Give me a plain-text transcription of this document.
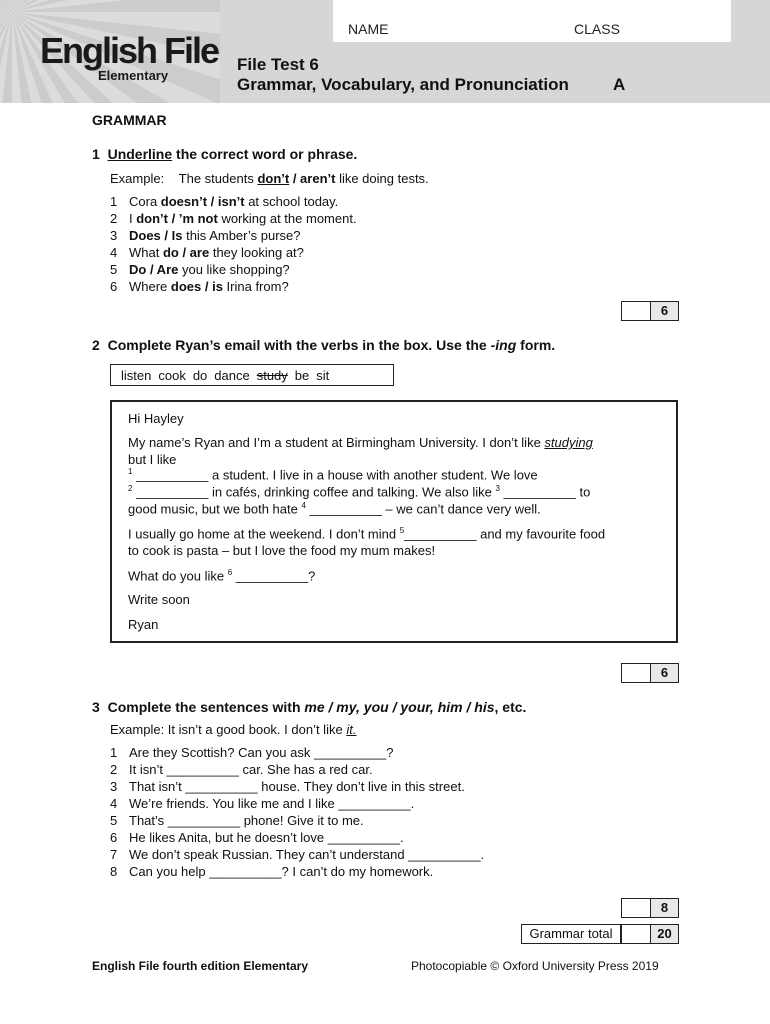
English File
Elementary
NAME	CLASS
File Test 6
Grammar, Vocabulary, and Pronunciation	A
GRAMMAR
1 Underline the correct word or phrase.
Example: The students don’t / aren’t like doing tests.
1 Cora doesn’t / isn’t at school today.
2 I don’t / ’m not working at the moment.
3 Does / Is this Amber’s purse?
4 What do / are they looking at?
5 Do / Are you like shopping?
6 Where does / is Irina from?
6
2 Complete Ryan’s email with the verbs in the box. Use the -ing form.
listen cook do dance study be sit
Hi Hayley
My name’s Ryan and I’m a student at Birmingham University. I don’t like studying
but I like
$^1$ __________ a student. I live in a house with another student. We love
$^2$ __________ in cafés, drinking coffee and talking. We also like $^3$ __________ to
good music, but we both hate $^4$ __________ – we can’t dance very well.
I usually go home at the weekend. I don’t mind $^5$__________ and my favourite food
to cook is pasta – but I love the food my mum makes!
What do you like $^6$ __________?
Write soon
Ryan
6
3 Complete the sentences with me / my, you / your, him / his, etc.
Example: It isn’t a good book. I don’t like it.
1 Are they Scottish? Can you ask __________?
2 It isn’t __________ car. She has a red car.
3 That isn’t __________ house. They don’t live in this street.
4 We’re friends. You like me and I like __________.
5 That’s __________ phone! Give it to me.
6 He likes Anita, but he doesn’t love __________.
7 We don’t speak Russian. They can’t understand __________.
8 Can you help __________? I can’t do my homework.
8
Grammar total	20
English File fourth edition Elementary	Photocopiable © Oxford University Press 2019
